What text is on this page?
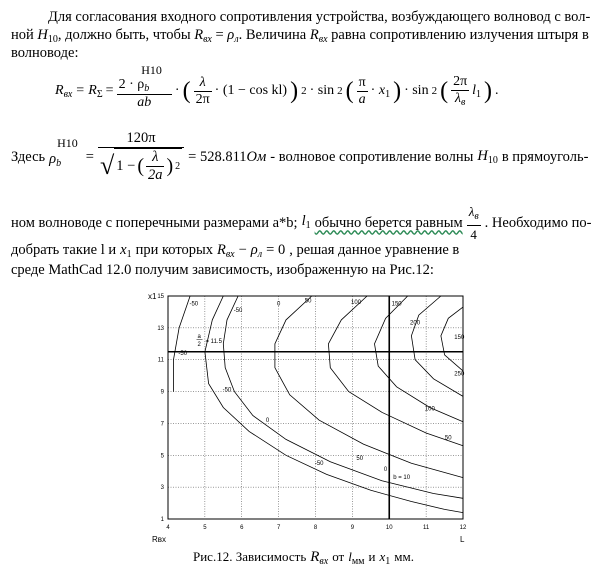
Для согласования входного сопротивления устройства, возбуждающего волновод с вол-
ной $H_{10}$, должно быть, чтобы $R_{вх} = \rho_л$. Величина $R_{вх}$ равна сопротивлению излучения штыря в
волноводе:
$R_{вх} = R_\Sigma = \frac{2 \cdot \rho_bH10}{ab}$ · ( $\frac{\lambda}{2\pi} \cdot (1 - \cos kl)$ ) 2 · sin 2 ( $\frac{\pi}{a} \cdot x_1$ ) · sin 2 ( $\frac{2\pi}{\lambda_в} l_1$ ) .
Здесь $\rho_b^{H10}$
= $\frac{120\pi}{√ 1 - ( \frac{\lambda}{2a} ) 2} = 528.811Ом$ - волновое сопротивление волны $H_{10}$ в прямоуголь-
ном волноводе с поперечными размерами a*b; $l_1$ обычно берется равным $\frac{\lambda_в}{4}$ . Необходимо по-
добрать такие l и $x_1$ при которых $R_{вх} - \rho_л = 0$ , решая данное уравнение в
среде MathCad 12.0 получим зависимость, изображенную на Рис.12:
x1
Rвх	L
4	5	6	7	8	9	10	11	12
1
3
5
7
9
11
13
15
-50
-50
0
50	100	150
200
250
-50
0
50
100
150
-50
0
50
-50
a
2 = 11.5
b = 10
Рис.12. Зависимость $R_{вх}$ от $l_{мм}$ и $x_1$ мм.
